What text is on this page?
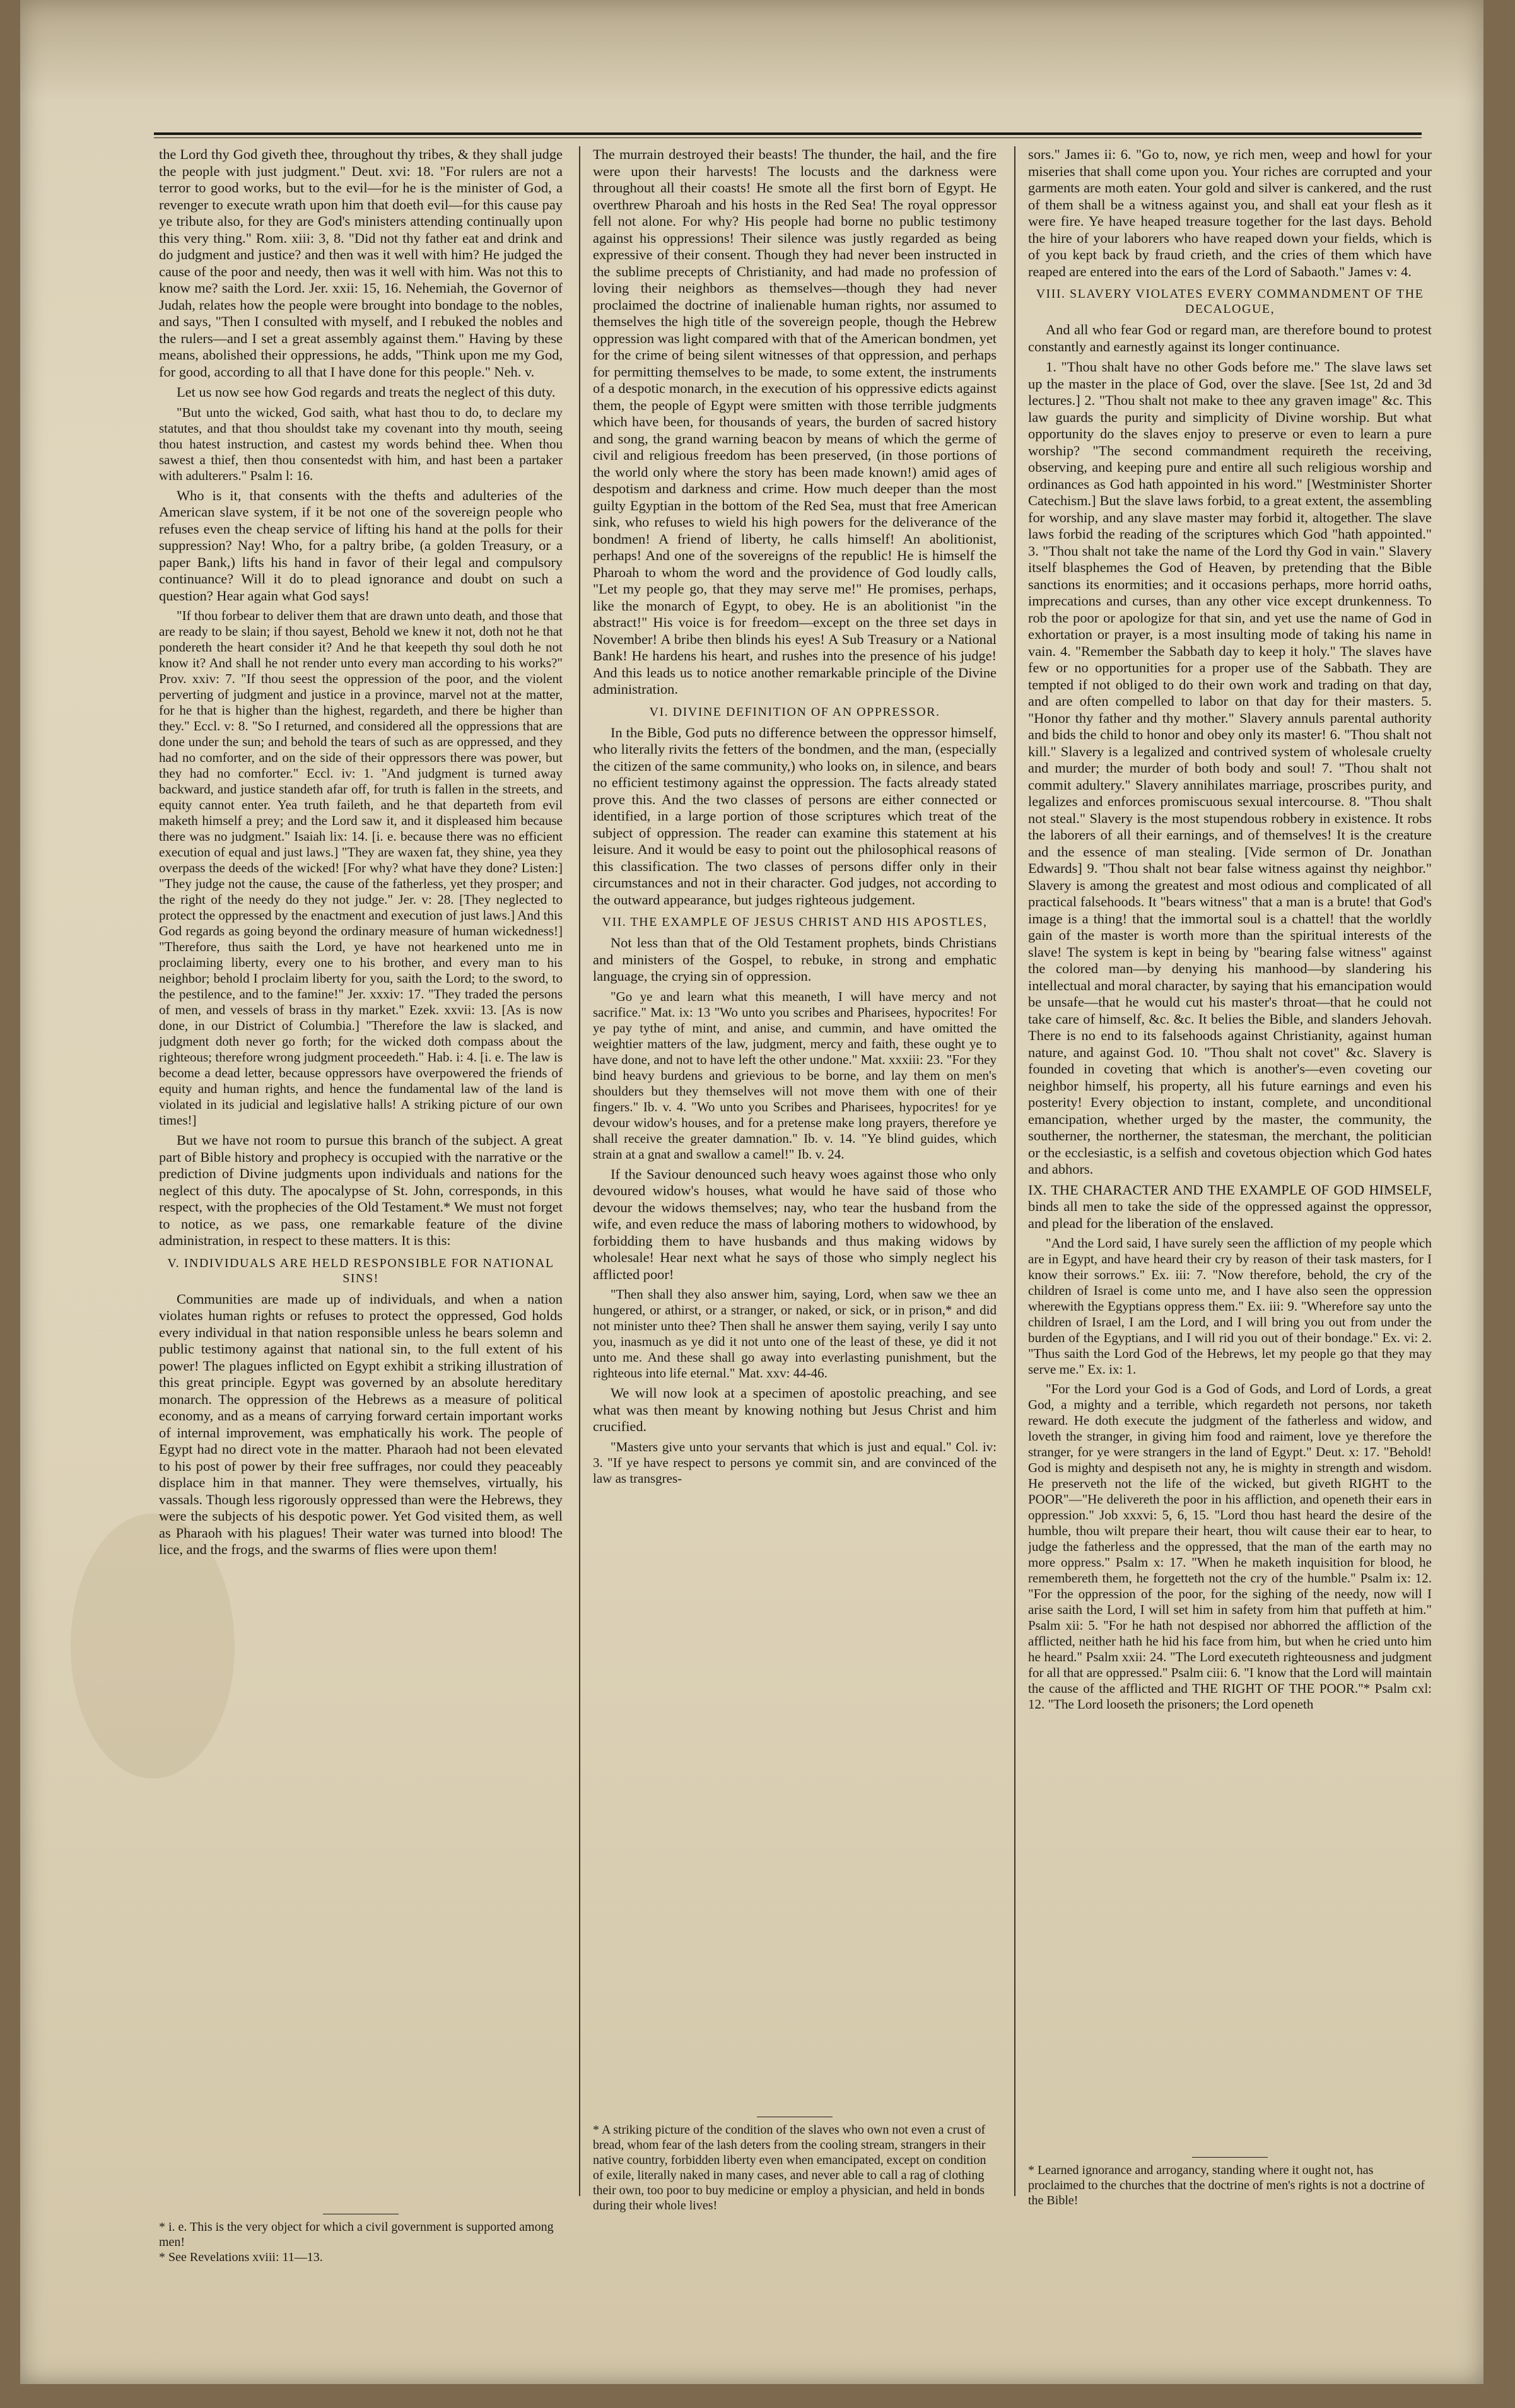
the Lord thy God giveth thee, throughout thy tribes, & they shall judge the people with just judgment." Deut. xvi: 18. "For rulers are not a terror to good works, but to the evil—for he is the minister of God, a revenger to execute wrath upon him that doeth evil—for this cause pay ye tribute also, for they are God's ministers attending continually upon this very thing." Rom. xiii: 3, 8. "Did not thy father eat and drink and do judgment and justice? and then was it well with him? He judged the cause of the poor and needy, then was it well with him. Was not this to know me? saith the Lord. Jer. xxii: 15, 16. Nehemiah, the Governor of Judah, relates how the people were brought into bondage to the nobles, and says, "Then I consulted with myself, and I rebuked the nobles and the rulers—and I set a great assembly against them." Having by these means, abolished their oppressions, he adds, "Think upon me my God, for good, according to all that I have done for this people." Neh. v.

Let us now see how God regards and treats the neglect of this duty.

"But unto the wicked, God saith, what hast thou to do, to declare my statutes, and that thou shouldst take my covenant into thy mouth, seeing thou hatest instruction, and castest my words behind thee. When thou sawest a thief, then thou consentedst with him, and hast been a partaker with adulterers." Psalm l: 16.

Who is it, that consents with the thefts and adulteries of the American slave system, if it be not one of the sovereign people who refuses even the cheap service of lifting his hand at the polls for their suppression? Nay! Who, for a paltry bribe, (a golden Treasury, or a paper Bank,) lifts his hand in favor of their legal and compulsory continuance? Will it do to plead ignorance and doubt on such a question? Hear again what God says!

"If thou forbear to deliver them that are drawn unto death, and those that are ready to be slain; if thou sayest, Behold we knew it not, doth not he that pondereth the heart consider it? And he that keepeth thy soul doth he not know it? And shall he not render unto every man according to his works?" Prov. xxiv: 7. "If thou seest the oppression of the poor, and the violent perverting of judgment and justice in a province, marvel not at the matter, for he that is higher than the highest, regardeth, and there be higher than they." Eccl. v: 8. "So I returned, and considered all the oppressions that are done under the sun; and behold the tears of such as are oppressed, and they had no comforter, and on the side of their oppressors there was power, but they had no comforter." Eccl. iv: 1. "And judgment is turned away backward, and justice standeth afar off, for truth is fallen in the streets, and equity cannot enter. Yea truth faileth, and he that departeth from evil maketh himself a prey; and the Lord saw it, and it displeased him because there was no judgment." Isaiah lix: 14. [i. e. because there was no efficient execution of equal and just laws.] "They are waxen fat, they shine, yea they overpass the deeds of the wicked! [For why? what have they done? Listen:] "They judge not the cause, the cause of the fatherless, yet they prosper; and the right of the needy do they not judge." Jer. v: 28. [They neglected to protect the oppressed by the enactment and execution of just laws.] And this God regards as going beyond the ordinary measure of human wickedness!] "Therefore, thus saith the Lord, ye have not hearkened unto me in proclaiming liberty, every one to his brother, and every man to his neighbor; behold I proclaim liberty for you, saith the Lord; to the sword, to the pestilence, and to the famine!" Jer. xxxiv: 17. "They traded the persons of men, and vessels of brass in thy market." Ezek. xxvii: 13. [As is now done, in our District of Columbia.] "Therefore the law is slacked, and judgment doth never go forth; for the wicked doth compass about the righteous; therefore wrong judgment proceedeth." Hab. i: 4. [i. e. The law is become a dead letter, because oppressors have overpowered the friends of equity and human rights, and hence the fundamental law of the land is violated in its judicial and legislative halls! A striking picture of our own times!]

But we have not room to pursue this branch of the subject. A great part of Bible history and prophecy is occupied with the narrative or the prediction of Divine judgments upon individuals and nations for the neglect of this duty. The apocalypse of St. John, corresponds, in this respect, with the prophecies of the Old Testament.* We must not forget to notice, as we pass, one remarkable feature of the divine administration, in respect to these matters. It is this:

V. INDIVIDUALS ARE HELD RESPONSIBLE FOR NATIONAL SINS!

Communities are made up of individuals, and when a nation violates human rights or refuses to protect the oppressed, God holds every individual in that nation responsible unless he bears solemn and public testimony against that national sin, to the full extent of his power! The plagues inflicted on Egypt exhibit a striking illustration of this great principle. Egypt was governed by an absolute hereditary monarch. The oppression of the Hebrews as a measure of political economy, and as a means of carrying forward certain important works of internal improvement, was emphatically his work. The people of Egypt had no direct vote in the matter. Pharaoh had not been elevated to his post of power by their free suffrages, nor could they peaceably displace him in that manner. They were themselves, virtually, his vassals. Though less rigorously oppressed than were the Hebrews, they were the subjects of his despotic power. Yet God visited them, as well as Pharaoh with his plagues! Their water was turned into blood! The lice, and the frogs, and the swarms of flies were upon them!

* i. e. This is the very object for which a civil government is supported among men!
* See Revelations xviii: 11—13.

The murrain destroyed their beasts! The thunder, the hail, and the fire were upon their harvests! The locusts and the darkness were throughout all their coasts! He smote all the first born of Egypt. He overthrew Pharoah and his hosts in the Red Sea! The royal oppressor fell not alone. For why? His people had borne no public testimony against his oppressions! Their silence was justly regarded as being expressive of their consent. Though they had never been instructed in the sublime precepts of Christianity, and had made no profession of loving their neighbors as themselves—though they had never proclaimed the doctrine of inalienable human rights, nor assumed to themselves the high title of the sovereign people, though the Hebrew oppression was light compared with that of the American bondmen, yet for the crime of being silent witnesses of that oppression, and perhaps for permitting themselves to be made, to some extent, the instruments of a despotic monarch, in the execution of his oppressive edicts against them, the people of Egypt were smitten with those terrible judgments which have been, for thousands of years, the burden of sacred history and song, the grand warning beacon by means of which the germe of civil and religious freedom has been preserved, (in those portions of the world only where the story has been made known!) amid ages of despotism and darkness and crime. How much deeper than the most guilty Egyptian in the bottom of the Red Sea, must that free American sink, who refuses to wield his high powers for the deliverance of the bondmen! A friend of liberty, he calls himself! An abolitionist, perhaps! And one of the sovereigns of the republic! He is himself the Pharoah to whom the word and the providence of God loudly calls, "Let my people go, that they may serve me!" He promises, perhaps, like the monarch of Egypt, to obey. He is an abolitionist "in the abstract!" His voice is for freedom—except on the three set days in November! A bribe then blinds his eyes! A Sub Treasury or a National Bank! He hardens his heart, and rushes into the presence of his judge! And this leads us to notice another remarkable principle of the Divine administration.

VI. DIVINE DEFINITION OF AN OPPRESSOR.

In the Bible, God puts no difference between the oppressor himself, who literally rivits the fetters of the bondmen, and the man, (especially the citizen of the same community,) who looks on, in silence, and bears no efficient testimony against the oppression. The facts already stated prove this. And the two classes of persons are either connected or identified, in a large portion of those scriptures which treat of the subject of oppression. The reader can examine this statement at his leisure. And it would be easy to point out the philosophical reasons of this classification. The two classes of persons differ only in their circumstances and not in their character. God judges, not according to the outward appearance, but judges righteous judgement.

VII. THE EXAMPLE OF JESUS CHRIST AND HIS APOSTLES,

Not less than that of the Old Testament prophets, binds Christians and ministers of the Gospel, to rebuke, in strong and emphatic language, the crying sin of oppression.

"Go ye and learn what this meaneth, I will have mercy and not sacrifice." Mat. ix: 13 "Wo unto you scribes and Pharisees, hypocrites! For ye pay tythe of mint, and anise, and cummin, and have omitted the weightier matters of the law, judgment, mercy and faith, these ought ye to have done, and not to have left the other undone." Mat. xxxiii: 23. "For they bind heavy burdens and grievious to be borne, and lay them on men's shoulders but they themselves will not move them with one of their fingers." Ib. v. 4. "Wo unto you Scribes and Pharisees, hypocrites! for ye devour widow's houses, and for a pretense make long prayers, therefore ye shall receive the greater damnation." Ib. v. 14. "Ye blind guides, which strain at a gnat and swallow a camel!" Ib. v. 24.

If the Saviour denounced such heavy woes against those who only devoured widow's houses, what would he have said of those who devour the widows themselves; nay, who tear the husband from the wife, and even reduce the mass of laboring mothers to widowhood, by forbidding them to have husbands and thus making widows by wholesale! Hear next what he says of those who simply neglect his afflicted poor!

"Then shall they also answer him, saying, Lord, when saw we thee an hungered, or athirst, or a stranger, or naked, or sick, or in prison,* and did not minister unto thee? Then shall he answer them saying, verily I say unto you, inasmuch as ye did it not unto one of the least of these, ye did it not unto me. And these shall go away into everlasting punishment, but the righteous into life eternal." Mat. xxv: 44-46.

We will now look at a specimen of apostolic preaching, and see what was then meant by knowing nothing but Jesus Christ and him crucified.

"Masters give unto your servants that which is just and equal." Col. iv: 3. "If ye have respect to persons ye commit sin, and are convinced of the law as transgres-

* A striking picture of the condition of the slaves who own not even a crust of bread, whom fear of the lash deters from the cooling stream, strangers in their native country, forbidden liberty even when emancipated, except on condition of exile, literally naked in many cases, and never able to call a rag of clothing their own, too poor to buy medicine or employ a physician, and held in bonds during their whole lives!

sors." James ii: 6. "Go to, now, ye rich men, weep and howl for your miseries that shall come upon you. Your riches are corrupted and your garments are moth eaten. Your gold and silver is cankered, and the rust of them shall be a witness against you, and shall eat your flesh as it were fire. Ye have heaped treasure together for the last days. Behold the hire of your laborers who have reaped down your fields, which is of you kept back by fraud crieth, and the cries of them which have reaped are entered into the ears of the Lord of Sabaoth." James v: 4.

VIII. SLAVERY VIOLATES EVERY COMMANDMENT OF THE DECALOGUE,

And all who fear God or regard man, are therefore bound to protest constantly and earnestly against its longer continuance.

1. "Thou shalt have no other Gods before me." The slave laws set up the master in the place of God, over the slave. [See 1st, 2d and 3d lectures.] 2. "Thou shalt not make to thee any graven image" &c. This law guards the purity and simplicity of Divine worship. But what opportunity do the slaves enjoy to preserve or even to learn a pure worship? "The second commandment requireth the receiving, observing, and keeping pure and entire all such religious worship and ordinances as God hath appointed in his word." [Westminister Shorter Catechism.] But the slave laws forbid, to a great extent, the assembling for worship, and any slave master may forbid it, altogether. The slave laws forbid the reading of the scriptures which God "hath appointed." 3. "Thou shalt not take the name of the Lord thy God in vain." Slavery itself blasphemes the God of Heaven, by pretending that the Bible sanctions its enormities; and it occasions perhaps, more horrid oaths, imprecations and curses, than any other vice except drunkenness. To rob the poor or apologize for that sin, and yet use the name of God in exhortation or prayer, is a most insulting mode of taking his name in vain. 4. "Remember the Sabbath day to keep it holy." The slaves have few or no opportunities for a proper use of the Sabbath. They are tempted if not obliged to do their own work and trading on that day, and are often compelled to labor on that day for their masters. 5. "Honor thy father and thy mother." Slavery annuls parental authority and bids the child to honor and obey only its master! 6. "Thou shalt not kill." Slavery is a legalized and contrived system of wholesale cruelty and murder; the murder of both body and soul! 7. "Thou shalt not commit adultery." Slavery annihilates marriage, proscribes purity, and legalizes and enforces promiscuous sexual intercourse. 8. "Thou shalt not steal." Slavery is the most stupendous robbery in existence. It robs the laborers of all their earnings, and of themselves! It is the creature and the essence of man stealing. [Vide sermon of Dr. Jonathan Edwards] 9. "Thou shalt not bear false witness against thy neighbor." Slavery is among the greatest and most odious and complicated of all practical falsehoods. It "bears witness" that a man is a brute! that God's image is a thing! that the immortal soul is a chattel! that the worldly gain of the master is worth more than the spiritual interests of the slave! The system is kept in being by "bearing false witness" against the colored man—by denying his manhood—by slandering his intellectual and moral character, by saying that his emancipation would be unsafe—that he would cut his master's throat—that he could not take care of himself, &c. &c. It belies the Bible, and slanders Jehovah. There is no end to its falsehoods against Christianity, against human nature, and against God. 10. "Thou shalt not covet" &c. Slavery is founded in coveting that which is another's—even coveting our neighbor himself, his property, all his future earnings and even his posterity! Every objection to instant, complete, and unconditional emancipation, whether urged by the master, the community, the southerner, the northerner, the statesman, the merchant, the politician or the ecclesiastic, is a selfish and covetous objection which God hates and abhors.

IX. THE CHARACTER AND THE EXAMPLE OF GOD HIMSELF, binds all men to take the side of the oppressed against the oppressor, and plead for the liberation of the enslaved.

"And the Lord said, I have surely seen the affliction of my people which are in Egypt, and have heard their cry by reason of their task masters, for I know their sorrows." Ex. iii: 7. "Now therefore, behold, the cry of the children of Israel is come unto me, and I have also seen the oppression wherewith the Egyptians oppress them." Ex. iii: 9. "Wherefore say unto the children of Israel, I am the Lord, and I will bring you out from under the burden of the Egyptians, and I will rid you out of their bondage." Ex. vi: 2. "Thus saith the Lord God of the Hebrews, let my people go that they may serve me." Ex. ix: 1.

"For the Lord your God is a God of Gods, and Lord of Lords, a great God, a mighty and a terrible, which regardeth not persons, nor taketh reward. He doth execute the judgment of the fatherless and widow, and loveth the stranger, in giving him food and raiment, love ye therefore the stranger, for ye were strangers in the land of Egypt." Deut. x: 17. "Behold! God is mighty and despiseth not any, he is mighty in strength and wisdom. He preserveth not the life of the wicked, but giveth RIGHT to the POOR"—"He delivereth the poor in his affliction, and openeth their ears in oppression." Job xxxvi: 5, 6, 15. "Lord thou hast heard the desire of the humble, thou wilt prepare their heart, thou wilt cause their ear to hear, to judge the fatherless and the oppressed, that the man of the earth may no more oppress." Psalm x: 17. "When he maketh inquisition for blood, he remembereth them, he forgetteth not the cry of the humble." Psalm ix: 12. "For the oppression of the poor, for the sighing of the needy, now will I arise saith the Lord, I will set him in safety from him that puffeth at him." Psalm xii: 5. "For he hath not despised nor abhorred the affliction of the afflicted, neither hath he hid his face from him, but when he cried unto him he heard." Psalm xxii: 24. "The Lord executeth righteousness and judgment for all that are oppressed." Psalm ciii: 6. "I know that the Lord will maintain the cause of the afflicted and THE RIGHT OF THE POOR."* Psalm cxl: 12. "The Lord looseth the prisoners; the Lord openeth

* Learned ignorance and arrogancy, standing where it ought not, has proclaimed to the churches that the doctrine of men's rights is not a doctrine of the Bible!
